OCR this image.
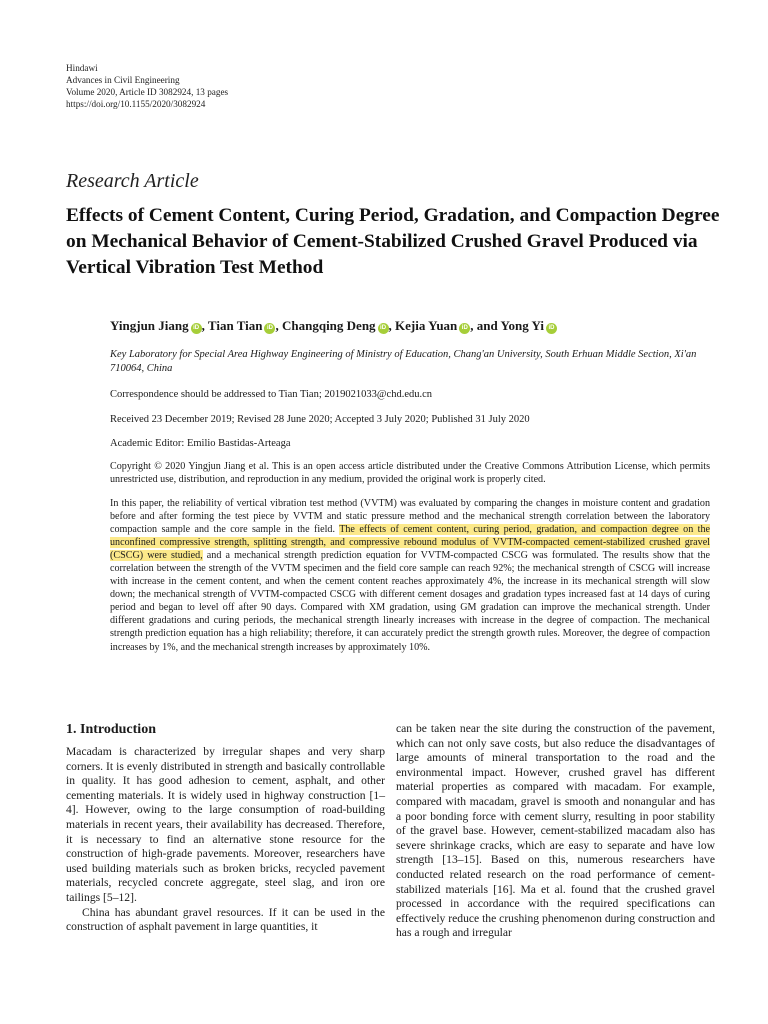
Hindawi
Advances in Civil Engineering
Volume 2020, Article ID 3082924, 13 pages
https://doi.org/10.1155/2020/3082924
Research Article
Effects of Cement Content, Curing Period, Gradation, and Compaction Degree on Mechanical Behavior of Cement-Stabilized Crushed Gravel Produced via Vertical Vibration Test Method
Yingjun Jiang iD , Tian Tian iD , Changqing Deng iD , Kejia Yuan iD , and Yong Yi iD
Key Laboratory for Special Area Highway Engineering of Ministry of Education, Chang'an University, South Erhuan Middle Section, Xi'an 710064, China
Correspondence should be addressed to Tian Tian; 2019021033@chd.edu.cn
Received 23 December 2019; Revised 28 June 2020; Accepted 3 July 2020; Published 31 July 2020
Academic Editor: Emilio Bastidas-Arteaga
Copyright © 2020 Yingjun Jiang et al. This is an open access article distributed under the Creative Commons Attribution License, which permits unrestricted use, distribution, and reproduction in any medium, provided the original work is properly cited.
In this paper, the reliability of vertical vibration test method (VVTM) was evaluated by comparing the changes in moisture content and gradation before and after forming the test piece by VVTM and static pressure method and the mechanical strength correlation between the laboratory compaction sample and the core sample in the field. The effects of cement content, curing period, gradation, and compaction degree on the unconfined compressive strength, splitting strength, and compressive rebound modulus of VVTM-compacted cement-stabilized crushed gravel (CSCG) were studied, and a mechanical strength prediction equation for VVTM-compacted CSCG was formulated. The results show that the correlation between the strength of the VVTM specimen and the field core sample can reach 92%; the mechanical strength of CSCG will increase with increase in the cement content, and when the cement content reaches approximately 4%, the increase in its mechanical strength will slow down; the mechanical strength of VVTM-compacted CSCG with different cement dosages and gradation types increased fast at 14 days of curing period and began to level off after 90 days. Compared with XM gradation, using GM gradation can improve the mechanical strength. Under different gradations and curing periods, the mechanical strength linearly increases with increase in the degree of compaction. The mechanical strength prediction equation has a high reliability; therefore, it can accurately predict the strength growth rules. Moreover, the degree of compaction increases by 1%, and the mechanical strength increases by approximately 10%.
1. Introduction

Macadam is characterized by irregular shapes and very sharp corners. It is evenly distributed in strength and basically controllable in quality. It has good adhesion to cement, asphalt, and other cementing materials. It is widely used in highway construction [1–4]. However, owing to the large consumption of road-building materials in recent years, their availability has decreased. Therefore, it is necessary to find an alternative stone resource for the construction of high-grade pavements. Moreover, researchers have used building materials such as broken bricks, recycled pavement materials, recycled concrete aggregate, steel slag, and iron ore tailings [5–12].

China has abundant gravel resources. If it can be used in the construction of asphalt pavement in large quantities, it

can be taken near the site during the construction of the pavement, which can not only save costs, but also reduce the disadvantages of large amounts of mineral transportation to the road and the environmental impact. However, crushed gravel has different material properties as compared with macadam. For example, compared with macadam, gravel is smooth and nonangular and has a poor bonding force with cement slurry, resulting in poor stability of the gravel base. However, cement-stabilized macadam also has severe shrinkage cracks, which are easy to separate and have low strength [13–15]. Based on this, numerous researchers have conducted related research on the road performance of cement-stabilized materials [16]. Ma et al. found that the crushed gravel processed in accordance with the required specifications can effectively reduce the crushing phenomenon during construction and has a rough and irregular
